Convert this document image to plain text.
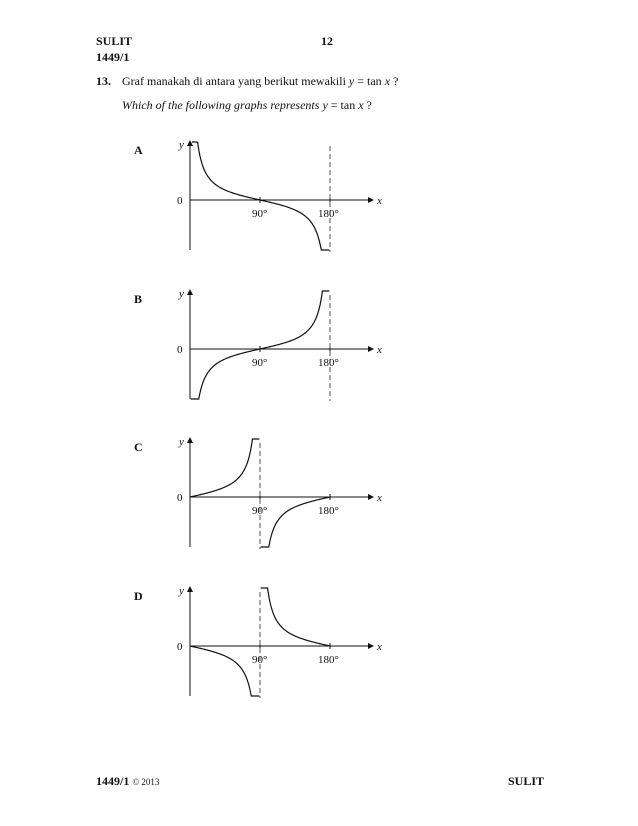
SULIT
1449/1
12
13. Graf manakah di antara yang berikut mewakili y = tan x ?
Which of the following graphs represents y = tan x ?
A
B
C
D
y
x
0
90°	180°
y
x
0
90°	180°
y
x
0
90°	180°
y
x
0
90°	180°
1449/1 © 2013	SULIT
